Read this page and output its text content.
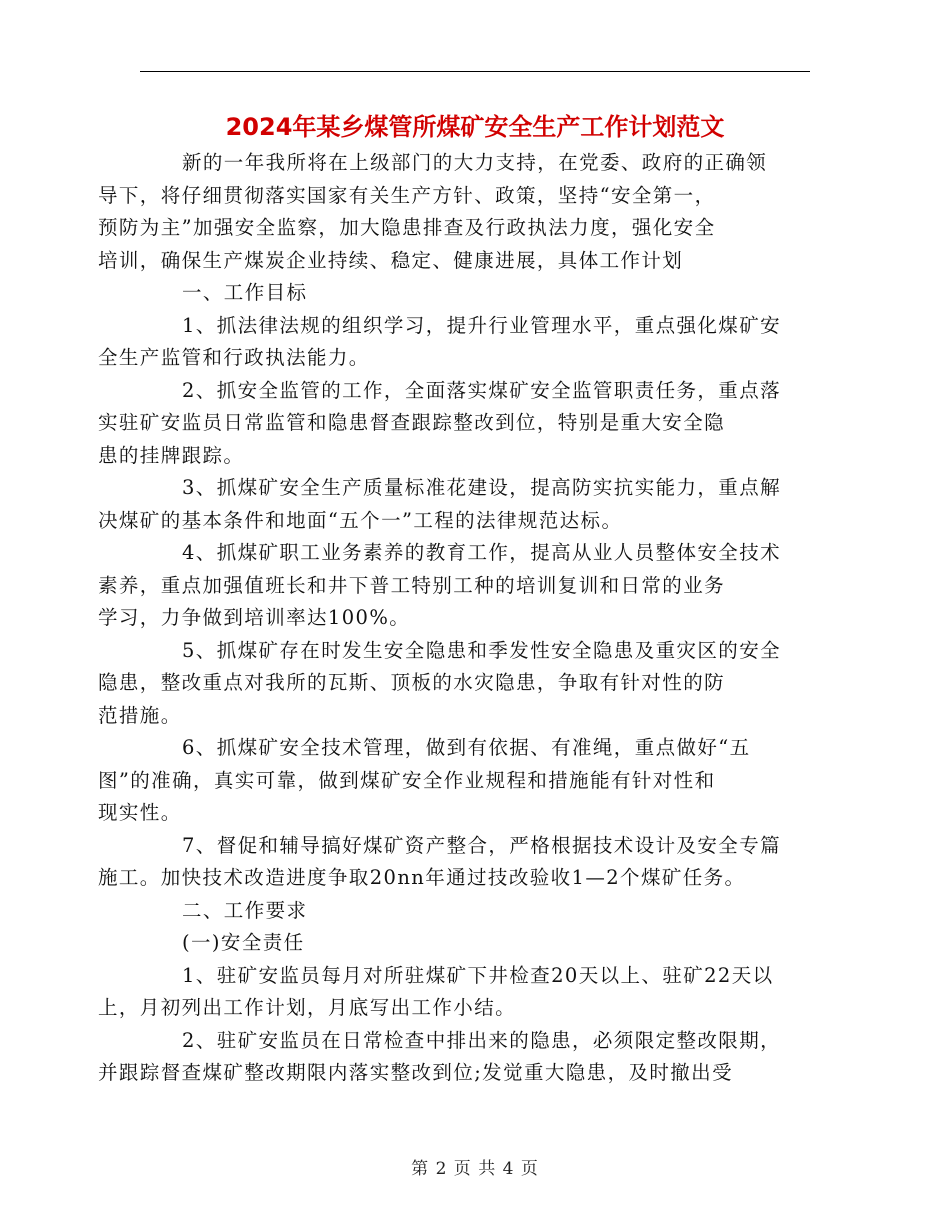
2024年某乡煤管所煤矿安全生产工作计划范文

新的一年我所将在上级部门的大力支持，在党委、政府的正确领
导下，将仔细贯彻落实国家有关生产方针、政策，坚持“安全第一，
预防为主”加强安全监察，加大隐患排查及行政执法力度，强化安全
培训，确保生产煤炭企业持续、稳定、健康进展，具体工作计划

一、工作目标

1、抓法律法规的组织学习，提升行业管理水平，重点强化煤矿安
全生产监管和行政执法能力。

2、抓安全监管的工作，全面落实煤矿安全监管职责任务，重点落
实驻矿安监员日常监管和隐患督查跟踪整改到位，特别是重大安全隐
患的挂牌跟踪。

3、抓煤矿安全生产质量标准花建设，提高防实抗实能力，重点解
决煤矿的基本条件和地面“五个一”工程的法律规范达标。

4、抓煤矿职工业务素养的教育工作，提高从业人员整体安全技术
素养，重点加强值班长和井下普工特别工种的培训复训和日常的业务
学习，力争做到培训率达100%。

5、抓煤矿存在时发生安全隐患和季发性安全隐患及重灾区的安全
隐患，整改重点对我所的瓦斯、顶板的水灾隐患，争取有针对性的防
范措施。

6、抓煤矿安全技术管理，做到有依据、有准绳，重点做好“五
图”的准确，真实可靠，做到煤矿安全作业规程和措施能有针对性和
现实性。

7、督促和辅导搞好煤矿资产整合，严格根据技术设计及安全专篇
施工。加快技术改造进度争取20nn年通过技改验收1—2个煤矿任务。

二、工作要求

(一)安全责任

1、驻矿安监员每月对所驻煤矿下井检查20天以上、驻矿22天以
上，月初列出工作计划，月底写出工作小结。

2、驻矿安监员在日常检查中排出来的隐患，必须限定整改限期，
并跟踪督查煤矿整改期限内落实整改到位;发觉重大隐患，及时撤出受

第 2 页 共 4 页
